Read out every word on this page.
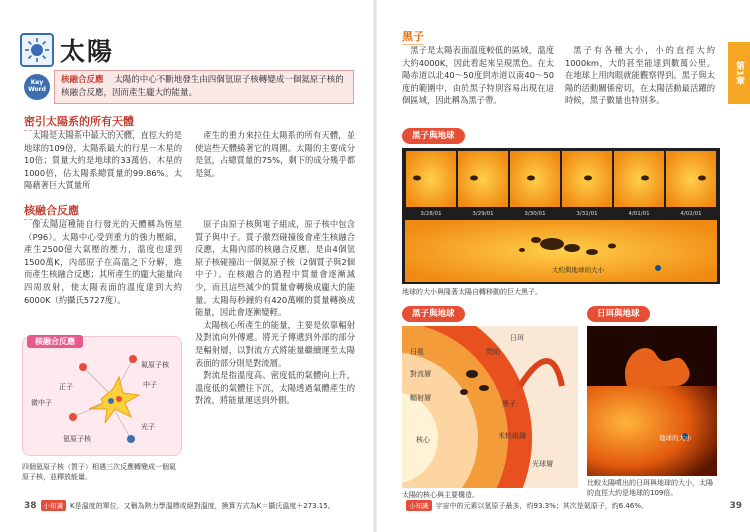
太陽
Key
Word
核融合反應 太陽的中心不斷地發生由四個氫原子核轉變成一個氦原子核的核融合反應，因而產生龐大的能量。
密引太陽系的所有天體

太陽是太陽系中最大的天體，直徑大約是地球的109倍，太陽系最大的行星－木星的10倍；質量大約是地球的33萬倍、木星的1000倍，佔太陽系總質量的99.86%。太陽藉著巨大質量所

產生的重力來拉住太陽系的所有天體，並使這些天體繞著它的周圍。太陽的主要成分是氫，占總質量的75%，剩下的成分幾乎都是氦。

核融合反應

像太陽這種能自行發光的天體稱為恆星（P96）。太陽中心受到重力的強力壓縮，產生2500億大氣壓的壓力，溫度也達到1500萬K，內部原子在高溫之下分解，進而產生核融合反應；其所產生的龐大能量向四周放射，使太陽表面的溫度達到大約6000K（約攝氏5727度）。

原子由原子核與電子組成，原子核中包含質子與中子。質子激烈碰撞後會產生核融合反應，太陽內部的核融合反應，是由4個氫原子核碰撞出一個氦原子核（2個質子與2個中子）。在核融合的過程中質量會逐漸減少，而且這些減少的質量會轉換成龐大的能量。太陽每秒鐘約有420萬噸的質量轉換成能量，因此會逐漸變輕。

太陽核心所產生的能量，主要是依靠輻射及對流向外傳遞。將光子傳遞到外部的部分是輻射層，以對流方式將能量繼續運至太陽表面的部分則是對流層。

對流是指溫度高、密度低的氣體向上升，溫度低的氣體往下沉，太陽透過氣體產生的對流，將能量運送到外側。

核融合反應
正子
微中子
氦原子核
中子
光子
氫原子核
四個氫原子核（質子）相遇三次反應轉變成一個氦原子核，並釋放能量。
38	小知識	K是溫度的單位，又稱為熱力學溫標或絕對溫度，換算方式為K＝攝氏溫度＋273.15。
第1章
黑子

黑子是太陽表面溫度較低的區域，溫度大約4000K，因此看起來呈現黑色。在太陽赤道以北40～50度到赤道以南40～50度的範圍中，由於黑子特別容易出現在這個區域，因此稱為黑子帶。

黑子有各種大小，小的直徑大約1000km，大的甚至能達到數萬公里。在地球上用肉眼就能觀察得到。黑子與太陽的活動關係密切，在太陽活動最活躍的時候，黑子數量也特別多。

黑子與地球
3/28/01	3/29/01	3/30/01	3/31/01	4/01/01	4/02/01
大約與地球的大小
地球的大小與隆著太陽自轉移動的巨大黑子。
黑子與地球	日珥與地球
日冕
對流層
輻射層
核心
閃焰
日珥
黑子
米粒組織
光球層
太陽的核心與主要構造。
地球的大小
比較太陽噴出的日珥與地球的大小，太陽的直徑大約是地球的109倍。
小知識	宇宙中的元素以氫原子最多，約93.3%；其次是氦原子，約6.46%。	39
